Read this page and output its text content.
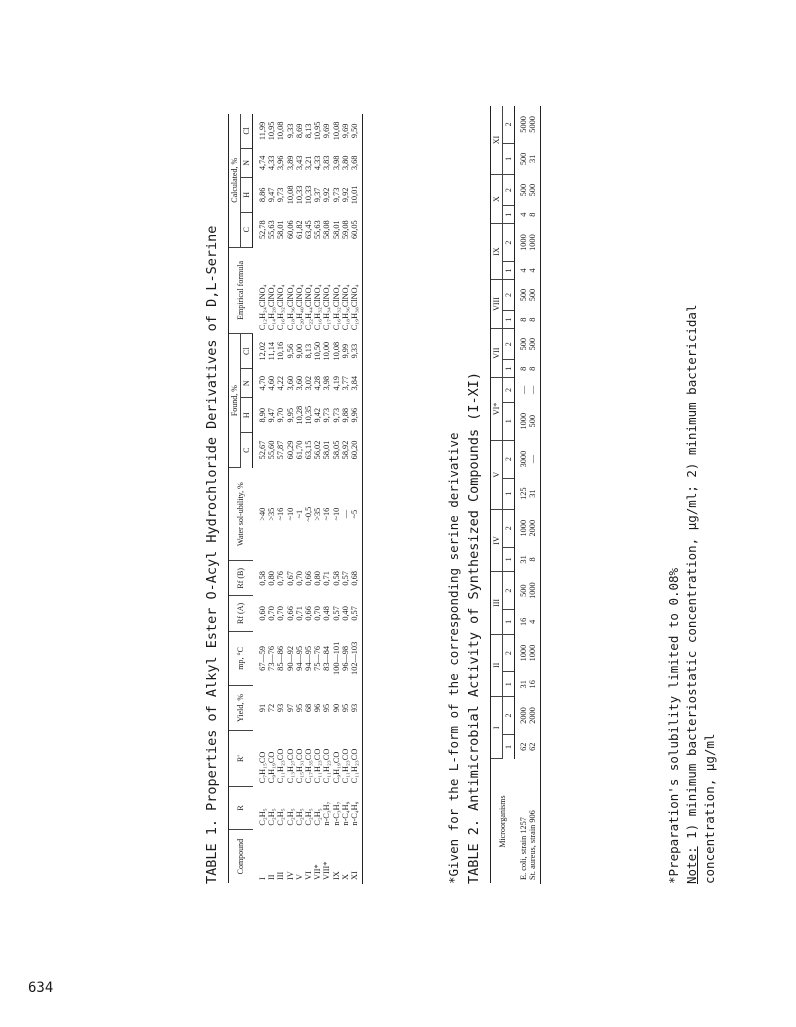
TABLE 1. Properties of Alkyl Ester O-Acyl Hydrochloride Derivatives of D,L-Serine Compound	R	R'	Yield, %	mp, °C	Rf (A)	Rf (B)	Water sol-ubility, %	Found, %				Empirical formula	Calculated, %			
								C	H	N	Cl		C	H	N	Cl
I	C₂H₅	C₇H₁₅CO	91	67—59	0,60	0,58	>40	52,67	8,90	4,70	12,02	C₁₂H₂₄ClNO₄	52,78	8,86	4,74	11,99
II	C₂H₅	C₉H₁₉CO	72	73—76	0,70	0,80	>35	55,60	9,47	4,60	11,14	C₁₄H₂₈ClNO₄	55,63	9,47	4,33	10,95
III	C₂H₅	C₁₁H₂₃CO	93	85—86	0,70	0,76	~16	57,87	9,70	4,22	10,16	C₁₆H₃₂ClNO₄	58,01	9,73	3,96	10,08
IV	C₂H₅	C₁₃H₂₇CO	97	90—92	0,66	0,67	~10	60,29	9,95	3,60	9,56	C₁₈H₃₆ClNO₄	60,06	10,08	3,89	9,33
V	C₂H₅	C₁₅H₃₁CO	95	94—95	0,71	0,70	~1	61,70	10,28	3,60	9,00	C₂₀H₄₀ClNO₄	61,82	10,33	3,43	8,69
VI	C₂H₅	C₁₇H₃₅CO	68	94—95	0,66	0,66	~0,5	63,15	10,35	3,02	8,13	C₂₂H₄₄ClNO₄	63,45	10,33	3,21	8,13
VII*	C₂H₅	C₁₁H₂₃CO	96	75—76	0,70	0,80	>35	56,02	9,42	4,28	10,50	C₁₆H₃₂ClNO₄	55,63	9,37	4,33	10,95
VIII*	n-C₃H₇	C₁₁H₂₃CO	95	83—84	0,48	0,71	~16	58,01	9,73	3,98	10,00	C₁₇H₃₄ClNO₄	58,08	9,92	3,83	9,69
IX	n-C₃H₇	C₉H₁₉CO	90	100—101	0,57	0,58	~10	58,05	9,73	4,19	10,08	C₁₆H₃₂ClNO₄	58,01	9,73	3,98	10,08
X	n-C₄H₉	C₁₁H₂₃CO	95	96—98	0,40	0,57	—	58,92	9,88	3,77	9,99	C₁₈H₃₆ClNO₄	59,08	9,92	3,80	9,69
XI	n-C₄H₉	C₁₁H₂₃CO	93	102—103	0,57	0,68	~5	60,20	9,96	3,84	9,33	C₁₉H₃₈ClNO₄	60,05	10,01	3,68	9,50
*Given for the L-form of the corresponding serine derivative TABLE 2. Antimicrobial Activity of Synthesized Compounds (I-XI) Microorganisms	I		II		III		IV		V		VI*		VII		VIII		IX		X		XI	
	1	2	1	2	1	2	1	2	1	2	1	2	1	2	1	2	1	2	1	2	1	2
E. coli, strain 1257	62	2000	31	1000	16	500	31	1000	125	3000	1000	—	8	500	8	500	4	1000	4	500	500	5000
St. aureus, strain 906	62	2000	16	1000	4	1000	8	2000	31	—	500	—	8	500	8	500	4	1000	8	500	31	5000
*Preparation's solubility limited to 0.08% Note: 1) minimum bacteriostatic concentration, μg/ml; 2) minimum bactericidal concentration, μg/ml
634
